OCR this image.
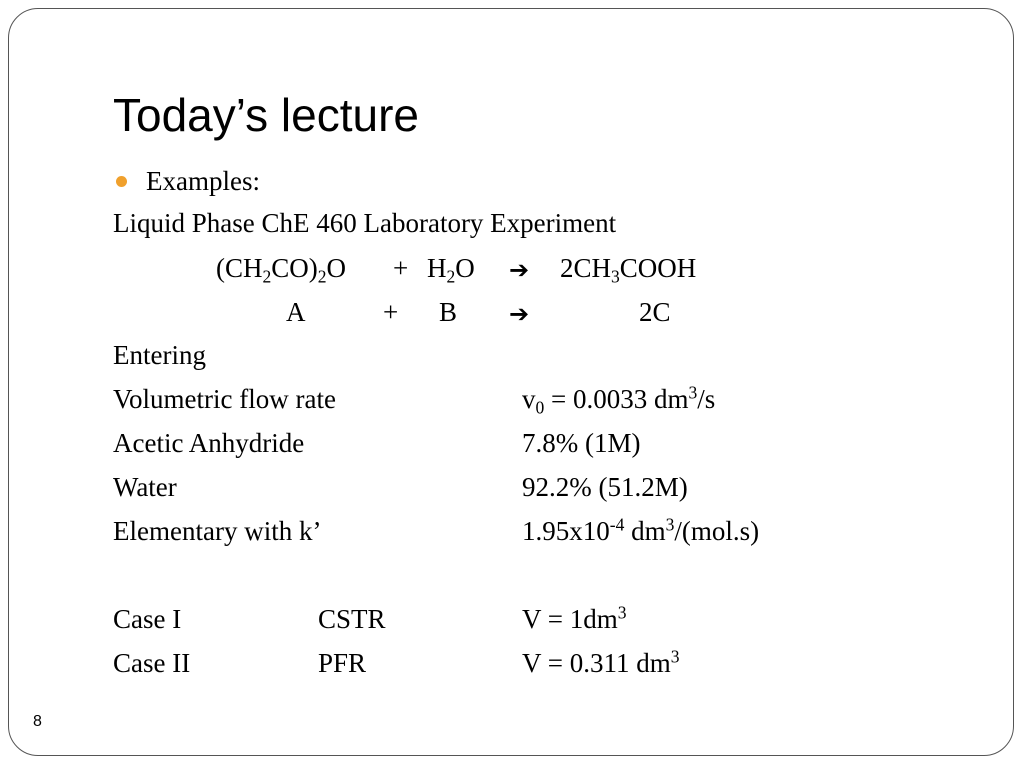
Today’s lecture
Examples:
Liquid Phase ChE 460 Laboratory Experiment
$(CH_2CO)_2O + H_2O$ ➔ $2CH_3COOH$
A	+ B ➔	2C
Entering
Volumetric flow rate	$v_0 = 0.0033$ $dm^3/s$
Acetic Anhydride	7.8% (1M)
Water	92.2% (51.2M)
Elementary with k’	$1.95x10^{-4}$ $dm^3/(mol.s)$
Case I	CSTR	$V = 1dm^3$
Case II	PFR	V = 0.311 $dm^3$
8
